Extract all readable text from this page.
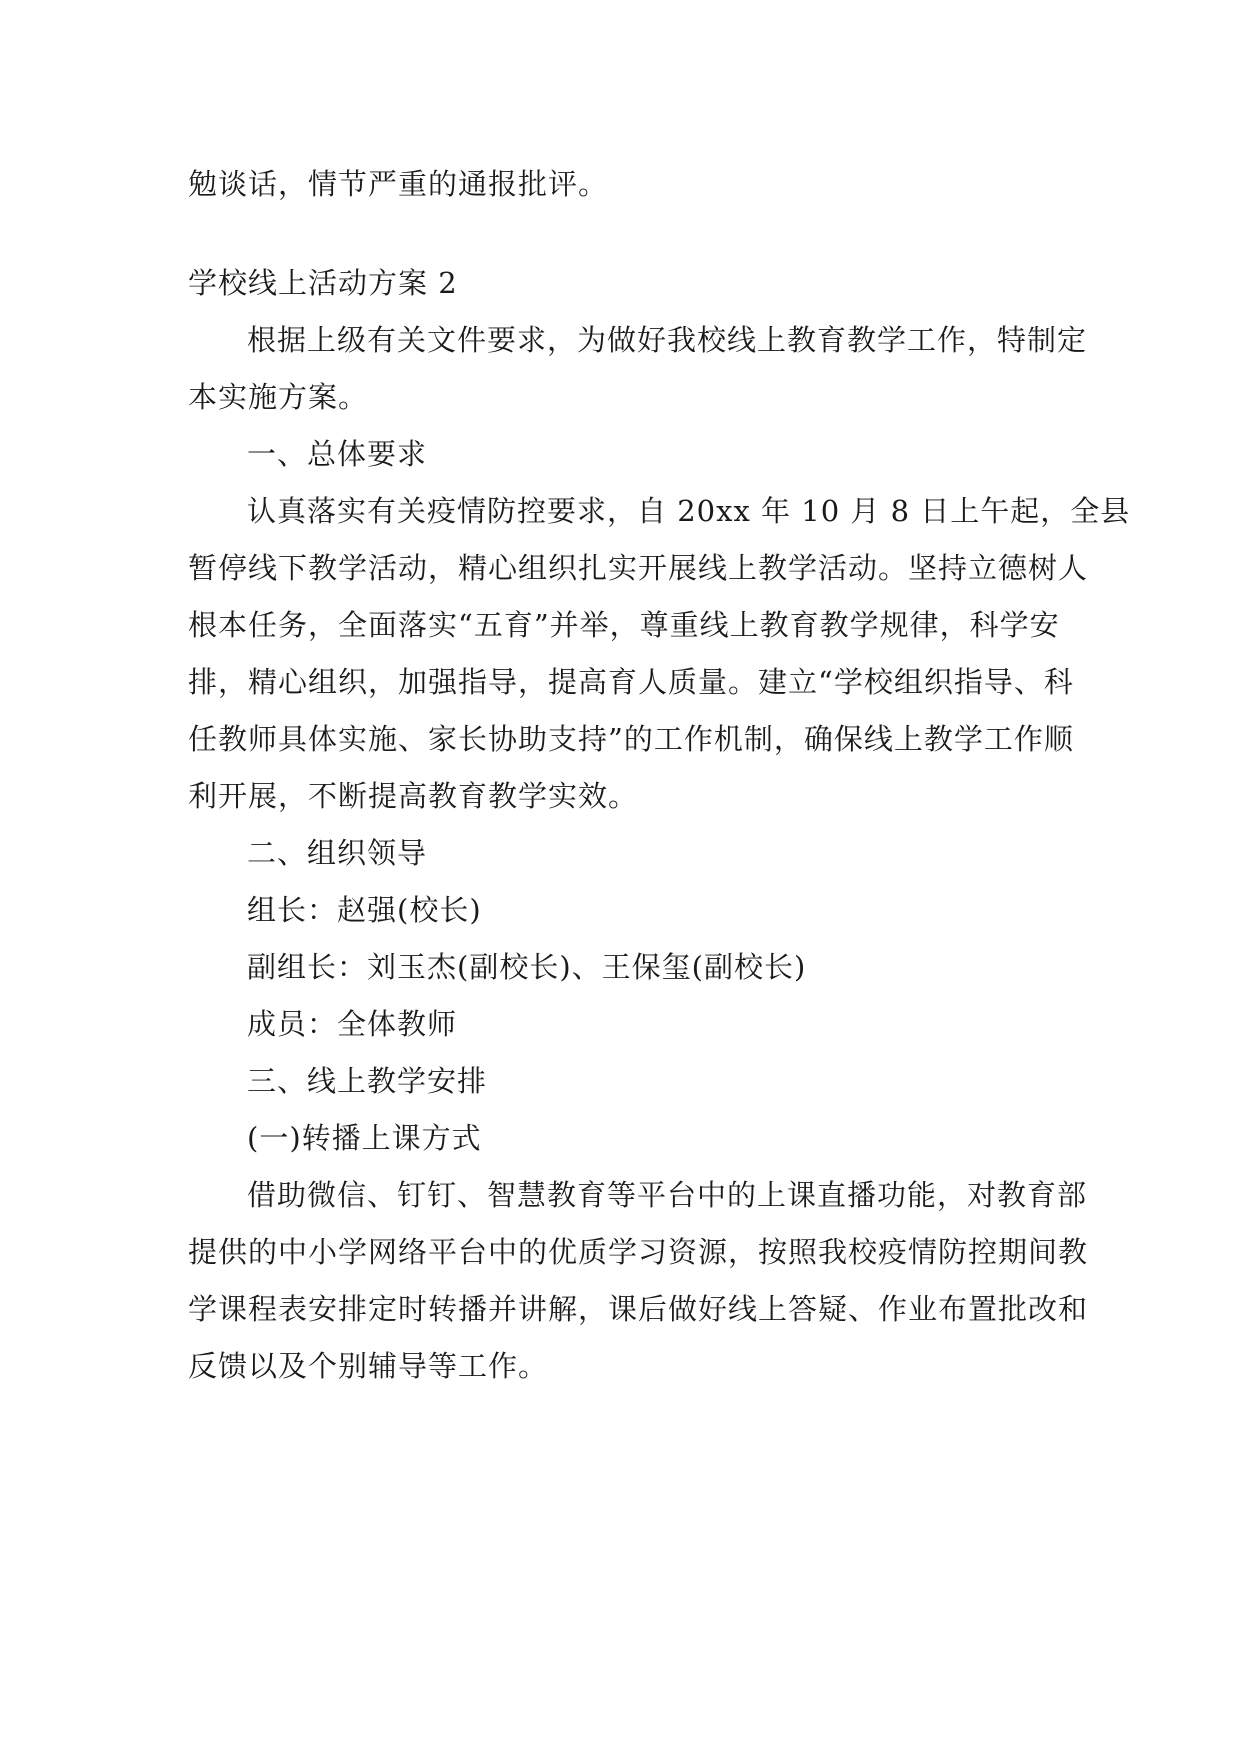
勉谈话，情节严重的通报批评。
学校线上活动方案 2
根据上级有关文件要求，为做好我校线上教育教学工作，特制定
本实施方案。
一、总体要求
认真落实有关疫情防控要求，自 20xx 年 10 月 8 日上午起，全县
暂停线下教学活动，精心组织扎实开展线上教学活动。坚持立德树人
根本任务，全面落实“五育”并举，尊重线上教育教学规律，科学安
排，精心组织，加强指导，提高育人质量。建立“学校组织指导、科
任教师具体实施、家长协助支持”的工作机制，确保线上教学工作顺
利开展，不断提高教育教学实效。
二、组织领导
组长：赵强(校长)
副组长：刘玉杰(副校长)、王保玺(副校长)
成员：全体教师
三、线上教学安排
(一)转播上课方式
借助微信、钉钉、智慧教育等平台中的上课直播功能，对教育部
提供的中小学网络平台中的优质学习资源，按照我校疫情防控期间教
学课程表安排定时转播并讲解，课后做好线上答疑、作业布置批改和
反馈以及个别辅导等工作。
